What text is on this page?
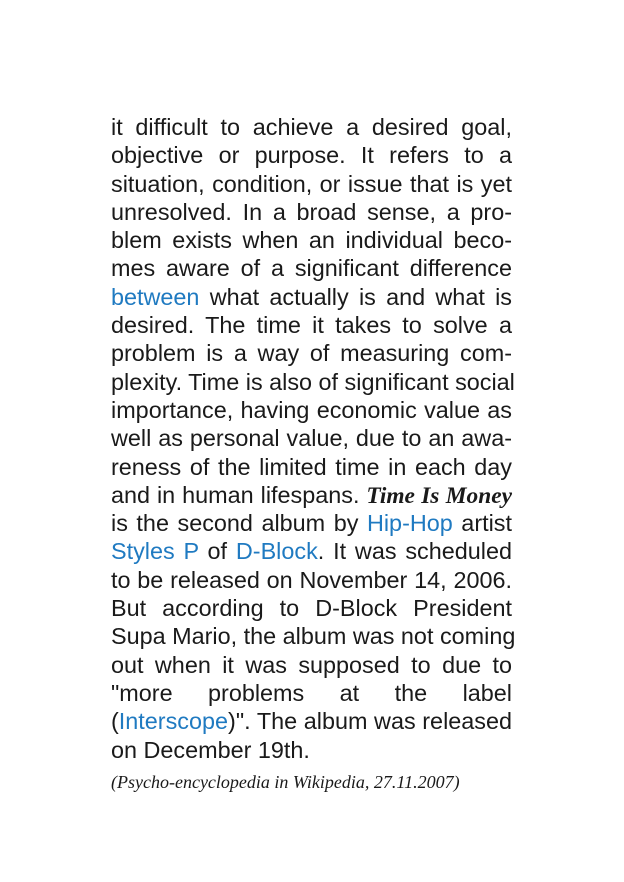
it difficult to achieve a desired goal,
objective or purpose. It refers to a
situation, condition, or issue that is yet
unresolved. In a broad sense, a pro-
blem exists when an individual beco-
mes aware of a significant difference
between what actually is and what is
desired. The time it takes to solve a
problem is a way of measuring com-
plexity. Time is also of significant social
importance, having economic value as
well as personal value, due to an awa-
reness of the limited time in each day
and in human lifespans. Time Is Money
is the second album by Hip-Hop artist
Styles P of D-Block. It was scheduled
to be released on November 14, 2006.
But according to D-Block President
Supa Mario, the album was not coming
out when it was supposed to due to
"more problems at the label
(Interscope)". The album was released
on December 19th.
(Psycho-encyclopedia in Wikipedia, 27.11.2007)
